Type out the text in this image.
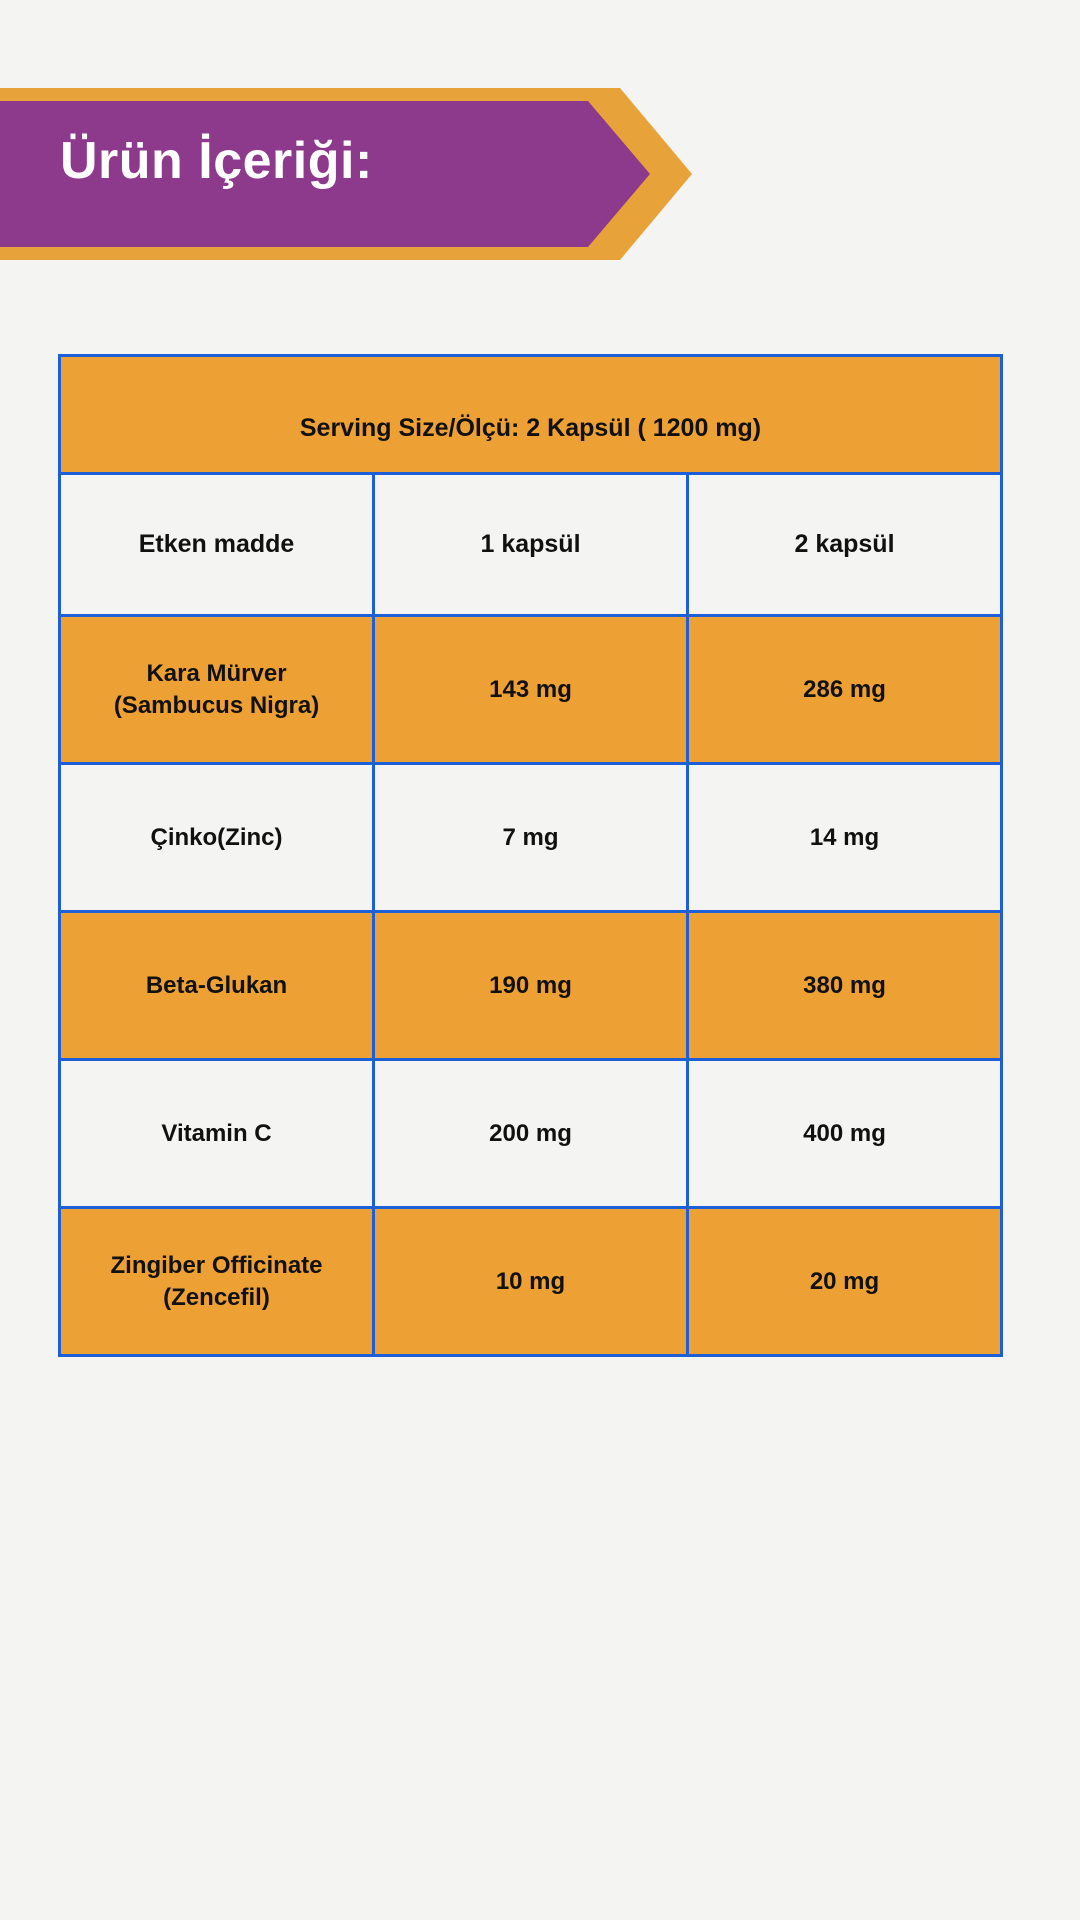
Ürün İçeriği:
Serving Size/Ölçü: 2 Kapsül ( 1200 mg)		
Etken madde	1 kapsül	2 kapsül

Kara Mürver
(Sambucus Nigra)	143 mg	286 mg

Çinko(Zinc)	7 mg	14 mg

Beta-Glukan	190 mg	380 mg

Vitamin C	200 mg	400 mg

Zingiber Officinate
(Zencefil)	10 mg	20 mg
